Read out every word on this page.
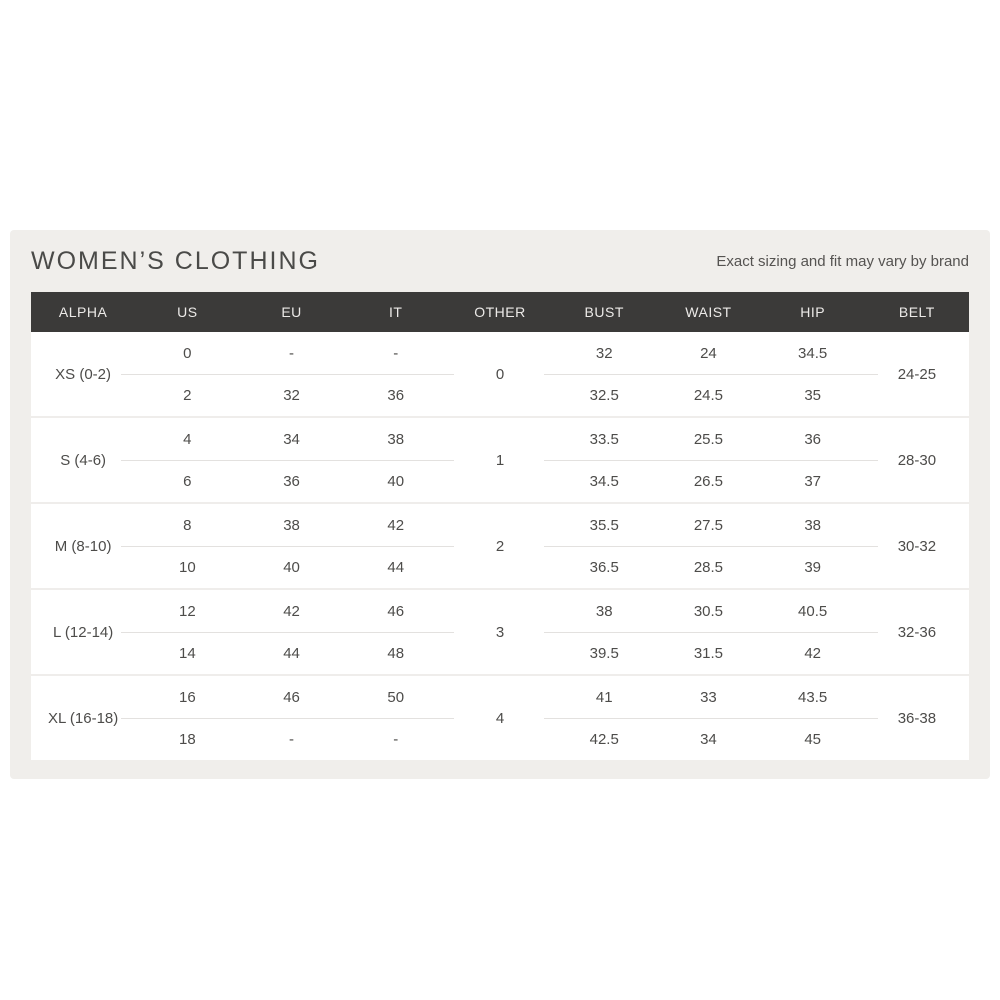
WOMEN’S CLOTHING	Exact sizing and fit may vary by brand
ALPHA	US	EU	IT	OTHER	BUST	WAIST	HIP	BELT
XS (0-2)	0	24-25
0	-	-	32	24	34.5
2	32	36	32.5	24.5	35
S (4-6)	1	28-30
4	34	38	33.5	25.5	36
6	36	40	34.5	26.5	37
M (8-10)	2	30-32
8	38	42	35.5	27.5	38
10	40	44	36.5	28.5	39
L (12-14)	3	32-36
12	42	46	38	30.5	40.5
14	44	48	39.5	31.5	42
XL (16-18)	4	36-38
16	46	50	41	33	43.5
18	-	-	42.5	34	45
